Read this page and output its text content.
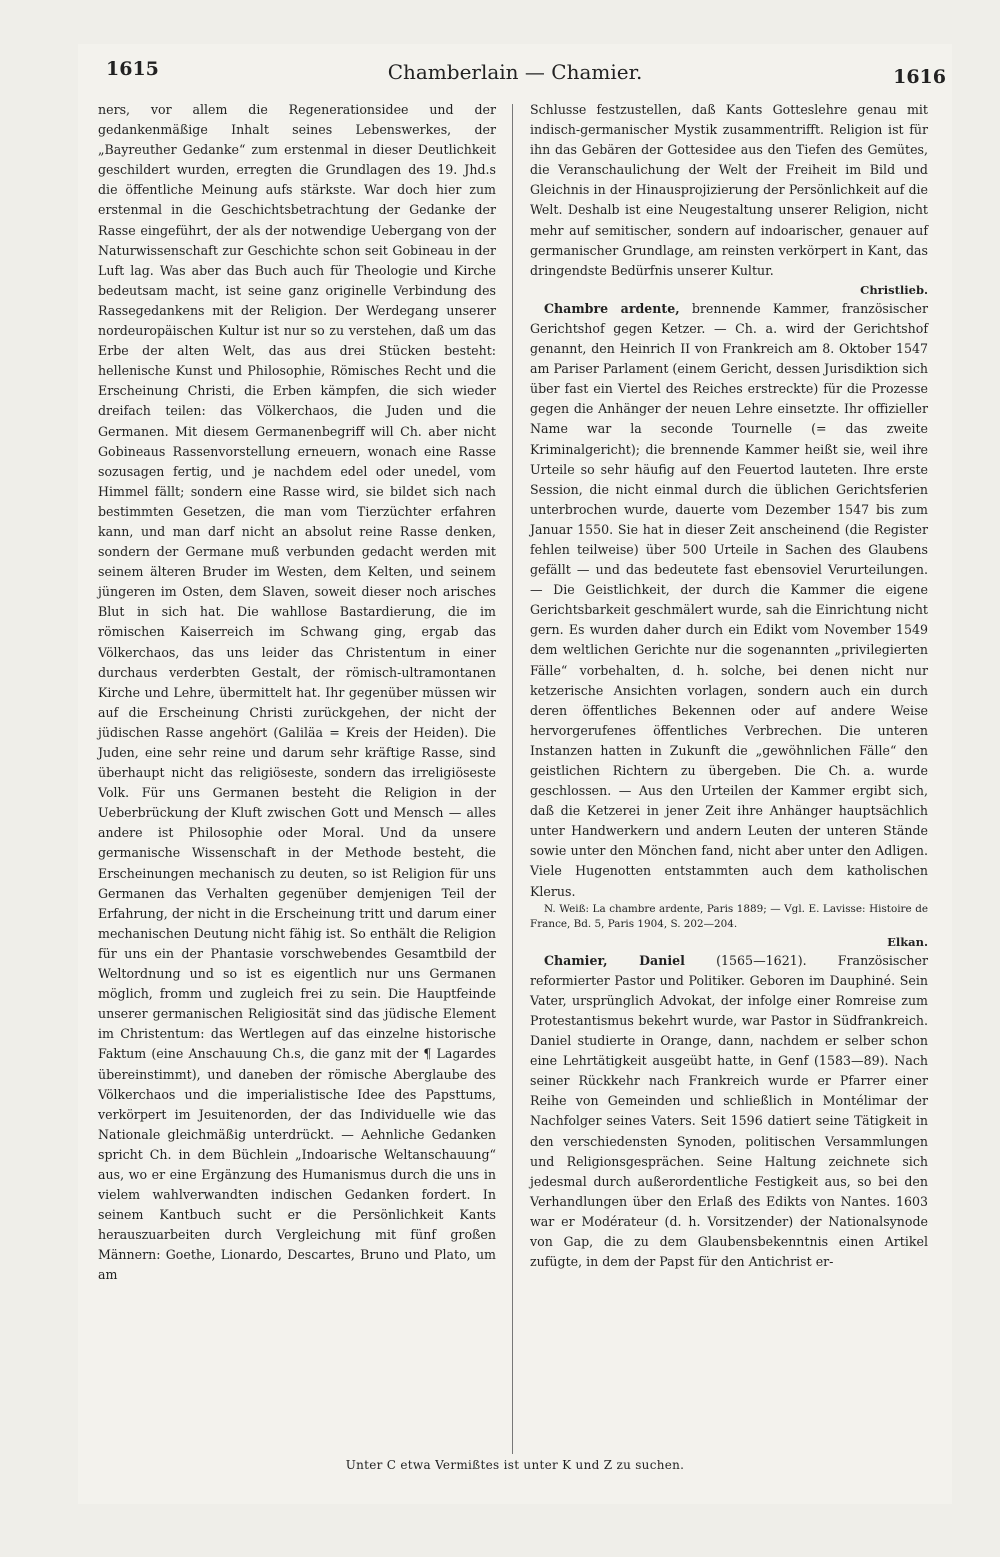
1615	Chamberlain — Chamier.	1616

ners, vor allem die Regenerationsidee und der gedankenmäßige Inhalt seines Lebenswerkes, der „Bayreuther Gedanke“ zum erstenmal in dieser Deutlichkeit geschildert wurden, erregten die Grundlagen des 19. Jhd.s die öffentliche Meinung aufs stärkste. War doch hier zum erstenmal in die Geschichtsbetrachtung der Gedanke der Rasse eingeführt, der als der notwendige Uebergang von der Naturwissenschaft zur Geschichte schon seit Gobineau in der Luft lag. Was aber das Buch auch für Theologie und Kirche bedeutsam macht, ist seine ganz originelle Verbindung des Rassegedankens mit der Religion. Der Werdegang unserer nordeuropäischen Kultur ist nur so zu verstehen, daß um das Erbe der alten Welt, das aus drei Stücken besteht: hellenische Kunst und Philosophie, Römisches Recht und die Erscheinung Christi, die Erben kämpfen, die sich wieder dreifach teilen: das Völkerchaos, die Juden und die Germanen. Mit diesem Germanenbegriff will Ch. aber nicht Gobineaus Rassenvorstellung erneuern, wonach eine Rasse sozusagen fertig, und je nachdem edel oder unedel, vom Himmel fällt; sondern eine Rasse wird, sie bildet sich nach bestimmten Gesetzen, die man vom Tierzüchter erfahren kann, und man darf nicht an absolut reine Rasse denken, sondern der Germane muß verbunden gedacht werden mit seinem älteren Bruder im Westen, dem Kelten, und seinem jüngeren im Osten, dem Slaven, soweit dieser noch arisches Blut in sich hat. Die wahllose Bastardierung, die im römischen Kaiserreich im Schwang ging, ergab das Völkerchaos, das uns leider das Christentum in einer durchaus verderbten Gestalt, der römisch-ultramontanen Kirche und Lehre, übermittelt hat. Ihr gegenüber müssen wir auf die Erscheinung Christi zurückgehen, der nicht der jüdischen Rasse angehört (Galiläa = Kreis der Heiden). Die Juden, eine sehr reine und darum sehr kräftige Rasse, sind überhaupt nicht das religiöseste, sondern das irreligiöseste Volk. Für uns Germanen besteht die Religion in der Ueberbrückung der Kluft zwischen Gott und Mensch — alles andere ist Philosophie oder Moral. Und da unsere germanische Wissenschaft in der Methode besteht, die Erscheinungen mechanisch zu deuten, so ist Religion für uns Germanen das Verhalten gegenüber demjenigen Teil der Erfahrung, der nicht in die Erscheinung tritt und darum einer mechanischen Deutung nicht fähig ist. So enthält die Religion für uns ein der Phantasie vorschwebendes Gesamtbild der Weltordnung und so ist es eigentlich nur uns Germanen möglich, fromm und zugleich frei zu sein. Die Hauptfeinde unserer germanischen Religiosität sind das jüdische Element im Christentum: das Wertlegen auf das einzelne historische Faktum (eine Anschauung Ch.s, die ganz mit der ¶ Lagardes übereinstimmt), und daneben der römische Aberglaube des Völkerchaos und die imperialistische Idee des Papsttums, verkörpert im Jesuitenorden, der das Individuelle wie das Nationale gleichmäßig unterdrückt. — Aehnliche Gedanken spricht Ch. in dem Büchlein „Indoarische Weltanschauung“ aus, wo er eine Ergänzung des Humanismus durch die uns in vielem wahlverwandten indischen Gedanken fordert. In seinem Kantbuch sucht er die Persönlichkeit Kants herauszuarbeiten durch Vergleichung mit fünf großen Männern: Goethe, Lionardo, Descartes, Bruno und Plato, um am

Schlusse festzustellen, daß Kants Gotteslehre genau mit indisch-germanischer Mystik zusammentrifft. Religion ist für ihn das Gebären der Gottesidee aus den Tiefen des Gemütes, die Veranschaulichung der Welt der Freiheit im Bild und Gleichnis in der Hinausprojizierung der Persönlichkeit auf die Welt. Deshalb ist eine Neugestaltung unserer Religion, nicht mehr auf semitischer, sondern auf indoarischer, genauer auf germanischer Grundlage, am reinsten verkörpert in Kant, das dringendste Bedürfnis unserer Kultur.

Christlieb.

Chambre ardente, brennende Kammer, französischer Gerichtshof gegen Ketzer. — Ch. a. wird der Gerichtshof genannt, den Heinrich II von Frankreich am 8. Oktober 1547 am Pariser Parlament (einem Gericht, dessen Jurisdiktion sich über fast ein Viertel des Reiches erstreckte) für die Prozesse gegen die Anhänger der neuen Lehre einsetzte. Ihr offizieller Name war la seconde Tournelle (= das zweite Kriminalgericht); die brennende Kammer heißt sie, weil ihre Urteile so sehr häufig auf den Feuertod lauteten. Ihre erste Session, die nicht einmal durch die üblichen Gerichtsferien unterbrochen wurde, dauerte vom Dezember 1547 bis zum Januar 1550. Sie hat in dieser Zeit anscheinend (die Register fehlen teilweise) über 500 Urteile in Sachen des Glaubens gefällt — und das bedeutete fast ebensoviel Verurteilungen. — Die Geistlichkeit, der durch die Kammer die eigene Gerichtsbarkeit geschmälert wurde, sah die Einrichtung nicht gern. Es wurden daher durch ein Edikt vom November 1549 dem weltlichen Gerichte nur die sogenannten „privilegierten Fälle“ vorbehalten, d. h. solche, bei denen nicht nur ketzerische Ansichten vorlagen, sondern auch ein durch deren öffentliches Bekennen oder auf andere Weise hervorgerufenes öffentliches Verbrechen. Die unteren Instanzen hatten in Zukunft die „gewöhnlichen Fälle“ den geistlichen Richtern zu übergeben. Die Ch. a. wurde geschlossen. — Aus den Urteilen der Kammer ergibt sich, daß die Ketzerei in jener Zeit ihre Anhänger hauptsächlich unter Handwerkern und andern Leuten der unteren Stände sowie unter den Mönchen fand, nicht aber unter den Adligen. Viele Hugenotten entstammten auch dem katholischen Klerus.

N. Weiß: La chambre ardente, Paris 1889; — Vgl. E. Lavisse: Histoire de France, Bd. 5, Paris 1904, S. 202—204.

Elkan.

Chamier, Daniel (1565—1621). Französischer reformierter Pastor und Politiker. Geboren im Dauphiné. Sein Vater, ursprünglich Advokat, der infolge einer Romreise zum Protestantismus bekehrt wurde, war Pastor in Südfrankreich. Daniel studierte in Orange, dann, nachdem er selber schon eine Lehrtätigkeit ausgeübt hatte, in Genf (1583—89). Nach seiner Rückkehr nach Frankreich wurde er Pfarrer einer Reihe von Gemeinden und schließlich in Montélimar der Nachfolger seines Vaters. Seit 1596 datiert seine Tätigkeit in den verschiedensten Synoden, politischen Versammlungen und Religionsgesprächen. Seine Haltung zeichnete sich jedesmal durch außerordentliche Festigkeit aus, so bei den Verhandlungen über den Erlaß des Edikts von Nantes. 1603 war er Modérateur (d. h. Vorsitzender) der Nationalsynode von Gap, die zu dem Glaubensbekenntnis einen Artikel zufügte, in dem der Papst für den Antichrist er-

Unter C etwa Vermißtes ist unter K und Z zu suchen.
